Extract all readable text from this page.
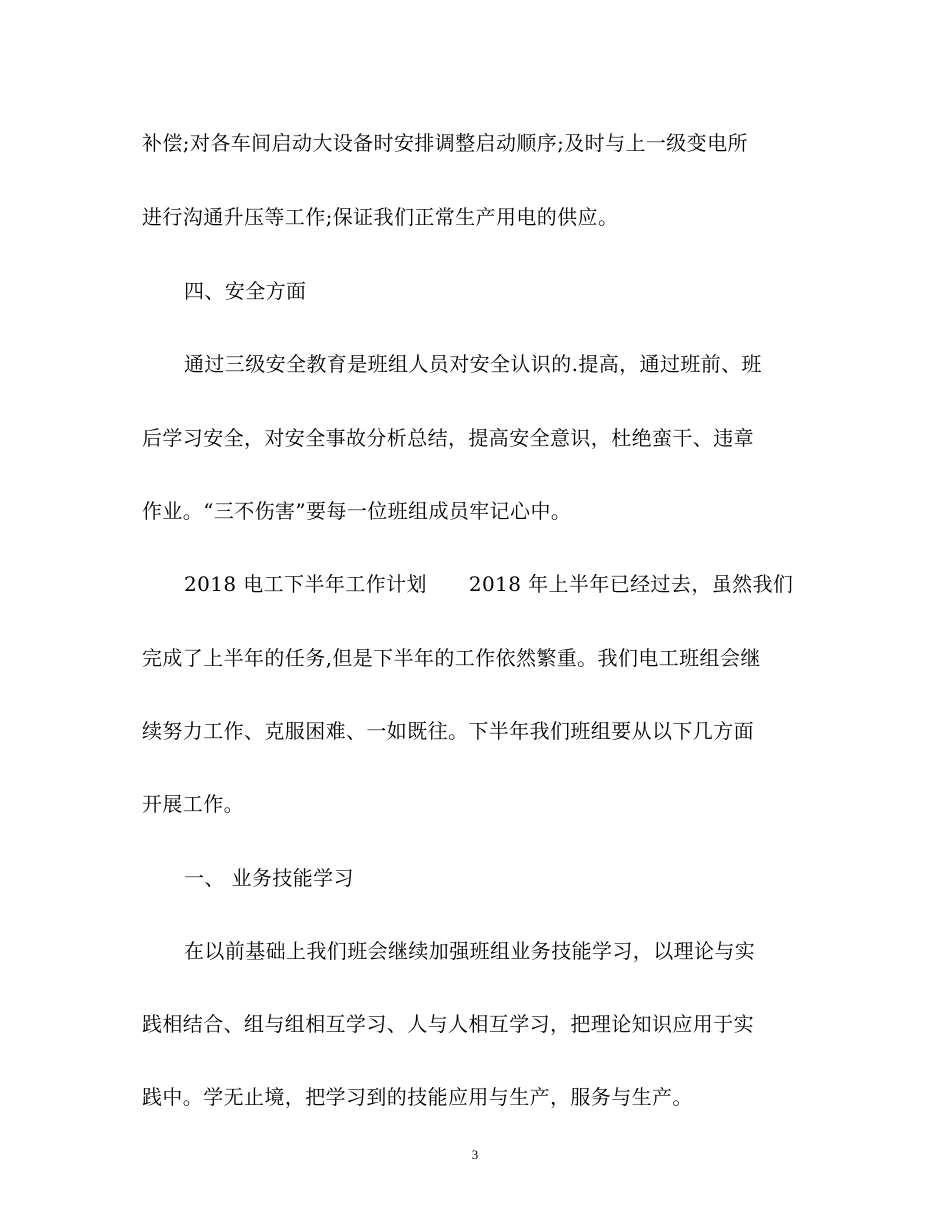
补偿;对各车间启动大设备时安排调整启动顺序;及时与上一级变电所
进行沟通升压等工作;保证我们正常生产用电的供应。
四、安全方面
通过三级安全教育是班组人员对安全认识的.提高，通过班前、班
后学习安全，对安全事故分析总结，提高安全意识，杜绝蛮干、违章
作业。“三不伤害”要每一位班组成员牢记心中。
2018 电工下半年工作计划 2018 年上半年已经过去，虽然我们
完成了上半年的任务,但是下半年的工作依然繁重。我们电工班组会继
续努力工作、克服困难、一如既往。下半年我们班组要从以下几方面
开展工作。
一、 业务技能学习
在以前基础上我们班会继续加强班组业务技能学习，以理论与实
践相结合、组与组相互学习、人与人相互学习，把理论知识应用于实
践中。学无止境，把学习到的技能应用与生产，服务与生产。
3
